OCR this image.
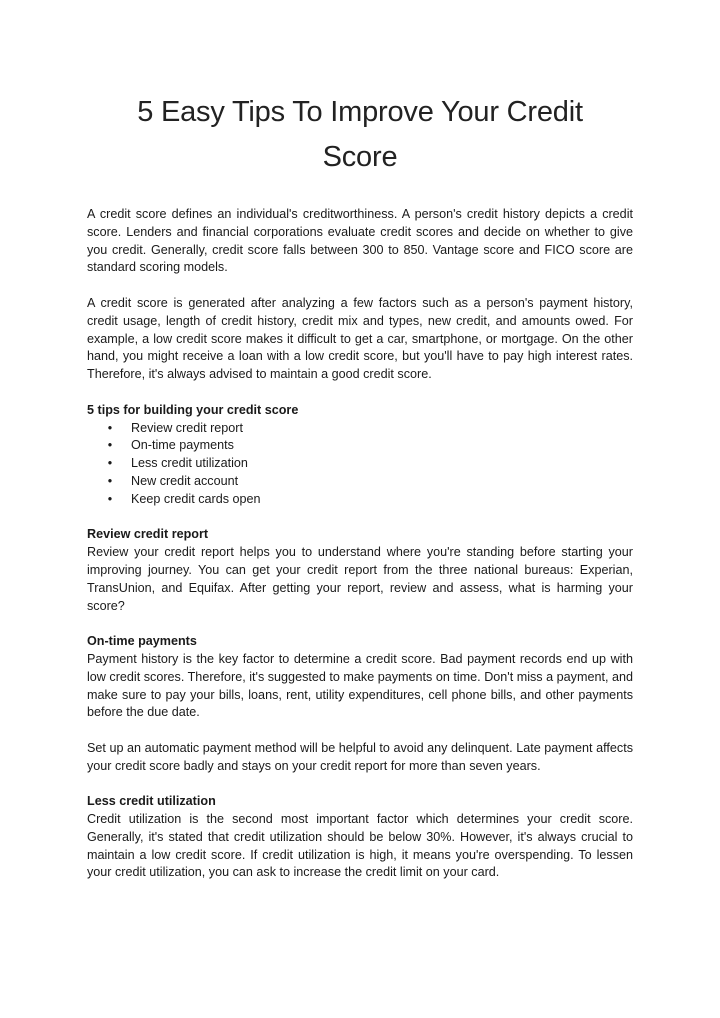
5 Easy Tips To Improve Your Credit Score

A credit score defines an individual's creditworthiness. A person's credit history depicts a credit score. Lenders and financial corporations evaluate credit scores and decide on whether to give you credit. Generally, credit score falls between 300 to 850. Vantage score and FICO score are standard scoring models.

A credit score is generated after analyzing a few factors such as a person's payment history, credit usage, length of credit history, credit mix and types, new credit, and amounts owed. For example, a low credit score makes it difficult to get a car, smartphone, or mortgage. On the other hand, you might receive a loan with a low credit score, but you'll have to pay high interest rates. Therefore, it's always advised to maintain a good credit score.

5 tips for building your credit score

• Review credit report
• On-time payments
• Less credit utilization
• New credit account
• Keep credit cards open

Review credit report

Review your credit report helps you to understand where you're standing before starting your improving journey. You can get your credit report from the three national bureaus: Experian, TransUnion, and Equifax. After getting your report, review and assess, what is harming your score?

On-time payments

Payment history is the key factor to determine a credit score. Bad payment records end up with low credit scores. Therefore, it's suggested to make payments on time. Don't miss a payment, and make sure to pay your bills, loans, rent, utility expenditures, cell phone bills, and other payments before the due date.

Set up an automatic payment method will be helpful to avoid any delinquent. Late payment affects your credit score badly and stays on your credit report for more than seven years.

Less credit utilization

Credit utilization is the second most important factor which determines your credit score. Generally, it's stated that credit utilization should be below 30%. However, it's always crucial to maintain a low credit score. If credit utilization is high, it means you're overspending. To lessen your credit utilization, you can ask to increase the credit limit on your card.
